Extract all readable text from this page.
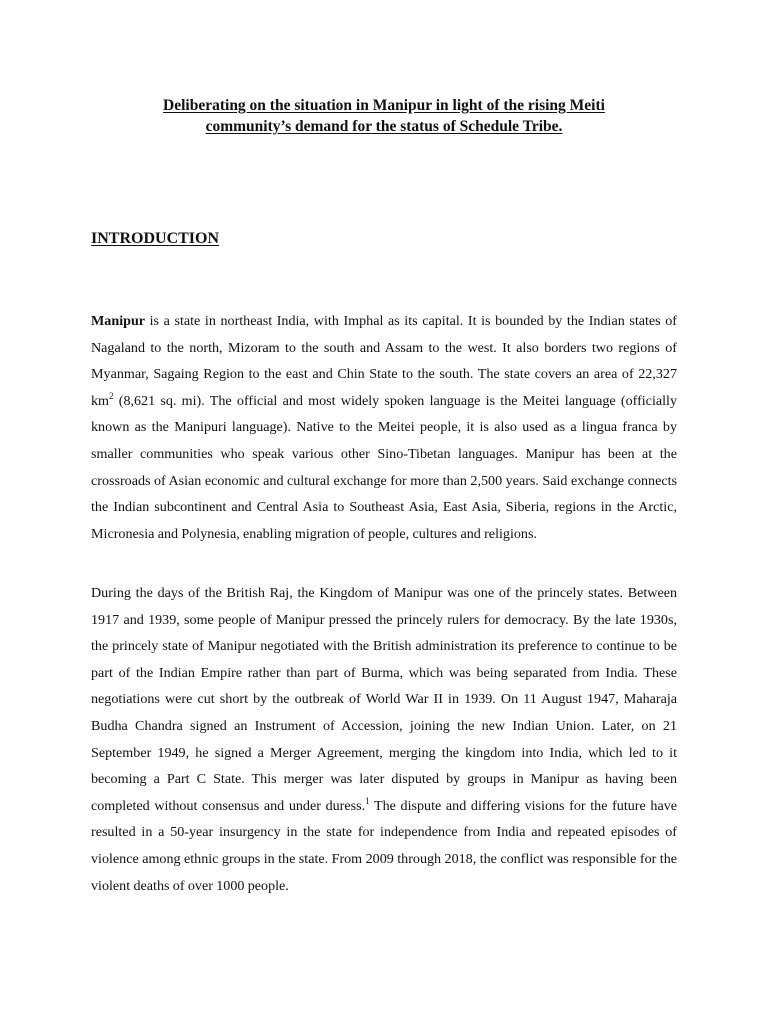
Deliberating on the situation in Manipur in light of the rising Meiti
community’s demand for the status of Schedule Tribe.
INTRODUCTION

Manipur is a state in northeast India, with Imphal as its capital. It is bounded by the Indian states of Nagaland to the north, Mizoram to the south and Assam to the west. It also borders two regions of Myanmar, Sagaing Region to the east and Chin State to the south. The state covers an area of 22,327 $km^2$ (8,621 sq. mi). The official and most widely spoken language is the Meitei language (officially known as the Manipuri language). Native to the Meitei people, it is also used as a lingua franca by smaller communities who speak various other Sino-Tibetan languages. Manipur has been at the crossroads of Asian economic and cultural exchange for more than 2,500 years. Said exchange connects the Indian subcontinent and Central Asia to Southeast Asia, East Asia, Siberia, regions in the Arctic, Micronesia and Polynesia, enabling migration of people, cultures and religions.

During the days of the British Raj, the Kingdom of Manipur was one of the princely states. Between 1917 and 1939, some people of Manipur pressed the princely rulers for democracy. By the late 1930s, the princely state of Manipur negotiated with the British administration its preference to continue to be part of the Indian Empire rather than part of Burma, which was being separated from India. These negotiations were cut short by the outbreak of World War II in 1939. On 11 August 1947, Maharaja Budha Chandra signed an Instrument of Accession, joining the new Indian Union. Later, on 21 September 1949, he signed a Merger Agreement, merging the kingdom into India, which led to it becoming a Part C State. This merger was later disputed by groups in Manipur as having been completed without consensus and under duress.$^1$ The dispute and differing visions for the future have resulted in a 50-year insurgency in the state for independence from India and repeated episodes of violence among ethnic groups in the state. From 2009 through 2018, the conflict was responsible for the violent deaths of over 1000 people.
